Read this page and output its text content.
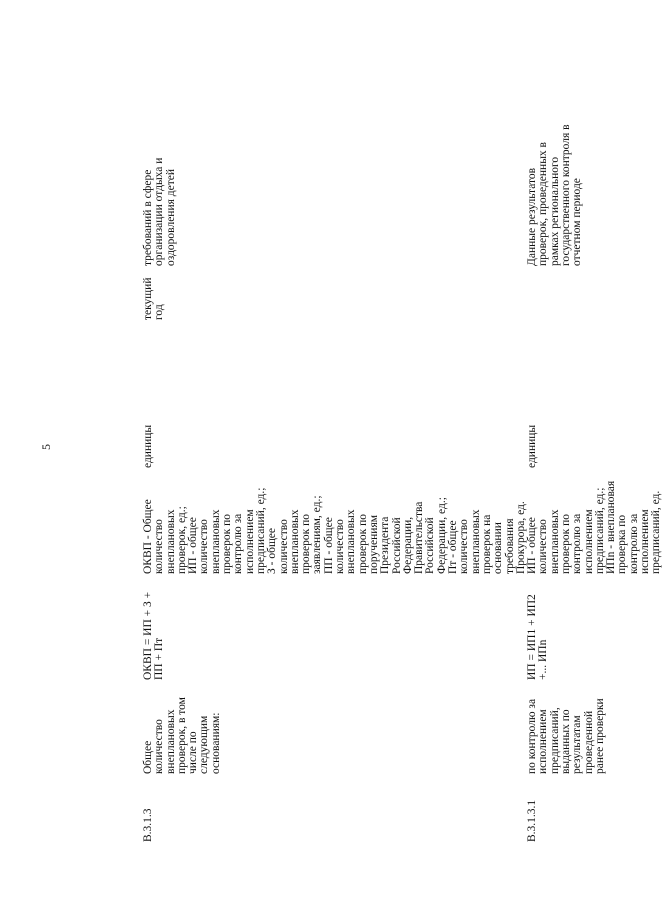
5
В.3.1.3	Общее количество внеплановых проверок, в том числе по следующим основаниям:	ОКВП = ИП + З + ПП + Пт	ОКВП - Общее количество внеплановых проверок, ед.;
ИП - общее количество внеплановых проверок по контролю за исполнением предписаний, ед.;
З - общее количество внеплановых проверок по заявлениям, ед.;
ПП - общее количество внеплановых проверок по поручениям Президента Российской Федерации, Правительства Российской Федерации, ед.;
Пт - общее количество внеплановых проверок на основании требования Прокурора, ед.	единицы	текущий год	требований в сфере организации отдыха и оздоровления детей
В.3.1.3.1	по контролю за исполнением предписаний, выданных по результатам проведенной ранее проверки	ИП = ИП1 + ИП2 +... ИПn	ИП - общее количество внеплановых проверок по контролю за исполнением предписаний, ед.;
ИПn - внеплановая проверка по контролю за исполнением предписаний, ед.	единицы		Данные результатов проверок, проведенных в рамках регионального государственного контроля в отчетном периоде
